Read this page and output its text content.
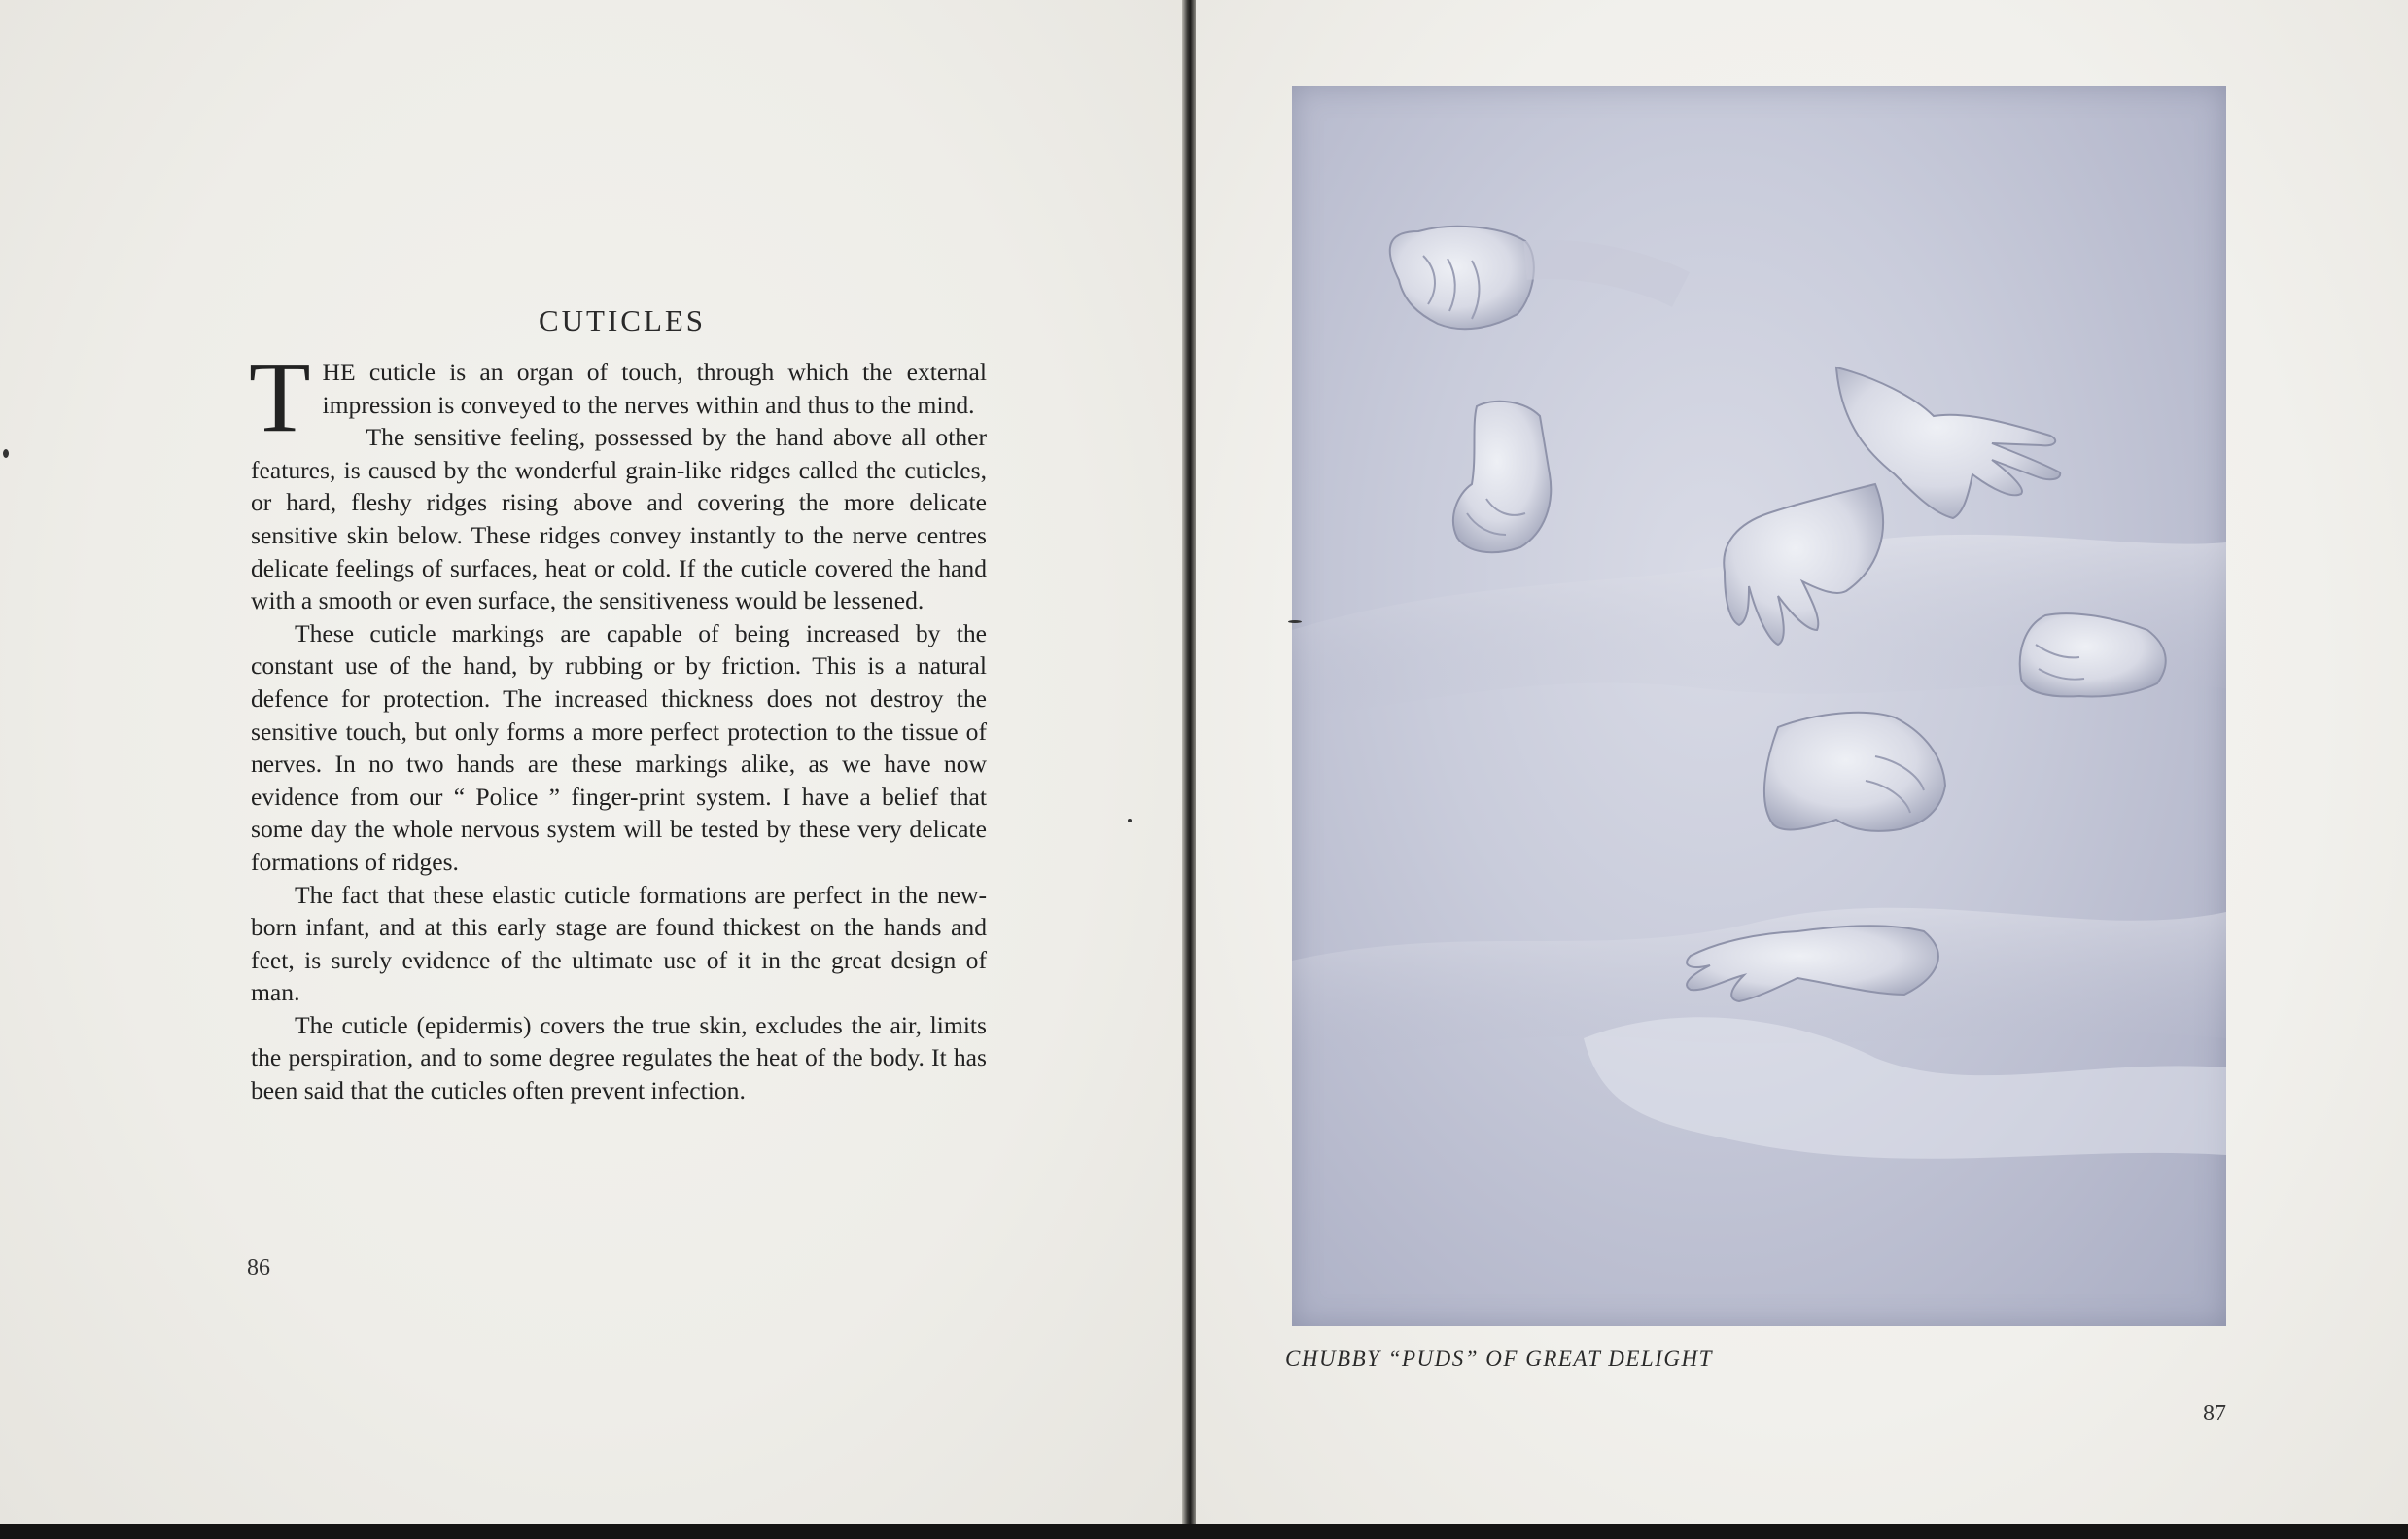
CUTICLES

THE cuticle is an organ of touch, through which the external impression is conveyed to the nerves within and thus to the mind.

The sensitive feeling, possessed by the hand above all other features, is caused by the wonderful grain-like ridges called the cuticles, or hard, fleshy ridges rising above and covering the more delicate sensitive skin below. These ridges convey instantly to the nerve centres delicate feelings of surfaces, heat or cold. If the cuticle covered the hand with a smooth or even surface, the sensitiveness would be lessened.

These cuticle markings are capable of being increased by the constant use of the hand, by rubbing or by friction. This is a natural defence for protection. The increased thickness does not destroy the sensitive touch, but only forms a more perfect protection to the tissue of nerves. In no two hands are these markings alike, as we have now evidence from our “ Police ” finger-print system. I have a belief that some day the whole nervous system will be tested by these very delicate formations of ridges.

The fact that these elastic cuticle formations are perfect in the new-born infant, and at this early stage are found thickest on the hands and feet, is surely evidence of the ultimate use of it in the great design of man.

The cuticle (epidermis) covers the true skin, excludes the air, limits the perspiration, and to some degree regulates the heat of the body. It has been said that the cuticles often prevent infection.

86
CHUBBY “PUDS” OF GREAT DELIGHT
87
